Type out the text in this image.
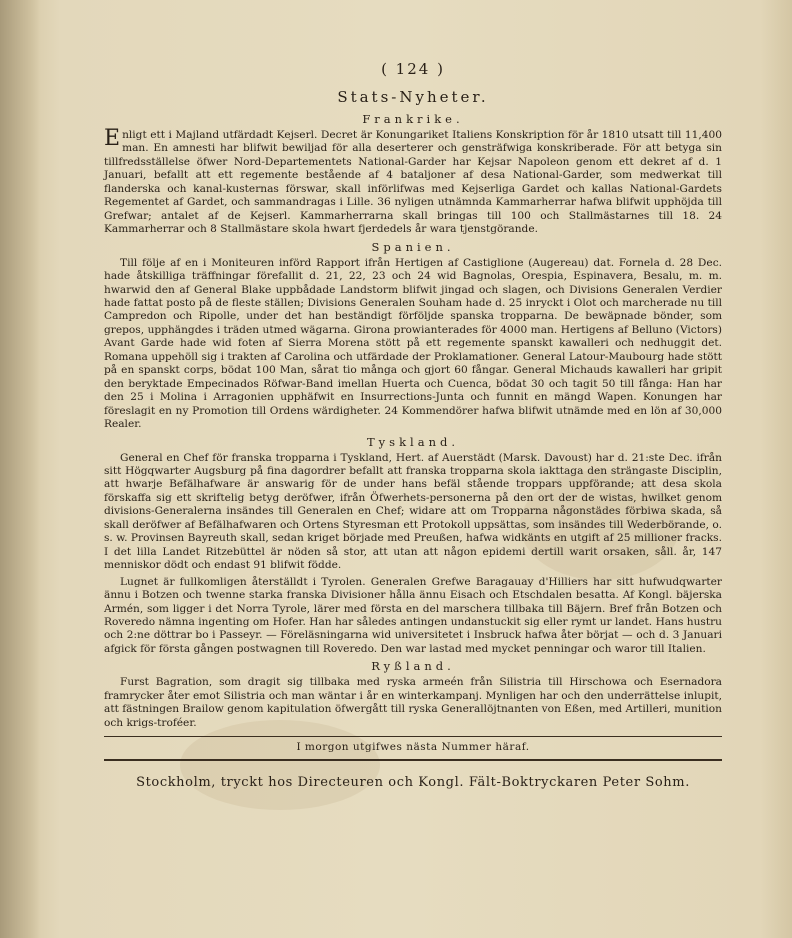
( 124 )
Stats-Nyheter.
Frankrike.

Enligt ett i Majland utfärdadt Kejserl. Decret är Konungariket Italiens Konskription för år 1810 utsatt till 11,400 man. En amnesti har blifwit bewiljad för alla deserterer och gensträfwiga konskriberade. För att betyga sin tillfredsställelse öfwer Nord-Departementets National-Garder har Kejsar Napoleon genom ett dekret af d. 1 Januari, befallt att ett regemente bestående af 4 bataljoner af desa National-Garder, som medwerkat till flanderska och kanal-kusternas förswar, skall införlifwas med Kejserliga Gardet och kallas National-Gardets Regementet af Gardet, och sammandragas i Lille. 36 nyligen utnämnda Kammarherrar hafwa blifwit upphöjda till Grefwar; antalet af de Kejserl. Kammarherrarna skall bringas till 100 och Stallmästarnes till 18. 24 Kammarherrar och 8 Stallmästare skola hwart fjerdedels år wara tjenstgörande.

Spanien.

Till följe af en i Moniteuren införd Rapport ifrån Hertigen af Castiglione (Augereau) dat. Fornela d. 28 Dec. hade åtskilliga träffningar förefallit d. 21, 22, 23 och 24 wid Bagnolas, Orespia, Espinavera, Besalu, m. m. hwarwid den af General Blake uppbådade Landstorm blifwit jingad och slagen, och Divisions Generalen Verdier hade fattat posto på de fleste ställen; Divisions Generalen Souham hade d. 25 inryckt i Olot och marcherade nu till Campredon och Ripolle, under det han beständigt förföljde spanska tropparna. De bewäpnade bönder, som grepos, upphängdes i träden utmed wägarna. Girona prowianterades för 4000 man. Hertigens af Belluno (Victors) Avant Garde hade wid foten af Sierra Morena stött på ett regemente spanskt kawalleri och nedhuggit det. Romana uppehöll sig i trakten af Carolina och utfärdade der Proklamationer. General Latour-Maubourg hade stött på en spanskt corps, bödat 100 Man, sårat tio många och gjort 60 fångar. General Michauds kawalleri har gripit den beryktade Empecinados Röfwar-Band imellan Huerta och Cuenca, bödat 30 och tagit 50 till fånga: Han har den 25 i Molina i Arragonien upphäfwit en Insurrections-Junta och funnit en mängd Wapen. Konungen har föreslagit en ny Promotion till Ordens wärdigheter. 24 Kommendörer hafwa blifwit utnämde med en lön af 30,000 Realer.

Tyskland.

General en Chef för franska tropparna i Tyskland, Hert. af Auerstädt (Marsk. Davoust) har d. 21:ste Dec. ifrån sitt Högqwarter Augsburg på fina dagordrer befallt att franska tropparna skola iakttaga den strängaste Disciplin, att hwarje Befälhafware är answarig för de under hans befäl stående troppars uppförande; att desa skola förskaffa sig ett skriftelig betyg deröfwer, ifrån Öfwerhets-personerna på den ort der de wistas, hwilket genom divisions-Generalerna insändes till Generalen en Chef; widare att om Tropparna någonstädes förbiwa skada, så skall deröfwer af Befälhafwaren och Ortens Styresman ett Protokoll uppsättas, som insändes till Wederbörande, o. s. w. Provinsen Bayreuth skall, sedan kriget började med Preußen, hafwa widkänts en utgift af 25 millioner fracks. I det lilla Landet Ritzebüttel är nöden så stor, att utan att någon epidemi dertill warit orsaken, såll. år, 147 menniskor dödt och endast 91 blifwit födde.

Lugnet är fullkomligen återställdt i Tyrolen. Generalen Grefwe Baragauay d'Hilliers har sitt hufwudqwarter ännu i Botzen och twenne starka franska Divisioner hålla ännu Eisach och Etschdalen besatta. Af Kongl. bäjerska Armén, som ligger i det Norra Tyrole, lärer med första en del marschera tillbaka till Bäjern. Bref från Botzen och Roveredo nämna ingenting om Hofer. Han har således antingen undanstuckit sig eller rymt ur landet. Hans hustru och 2:ne döttrar bo i Passeyr. — Föreläsningarna wid universitetet i Insbruck hafwa åter börjat — och d. 3 Januari afgick för första gången postwagnen till Roveredo. Den war lastad med mycket penningar och waror till Italien.

Ryßland.

Furst Bagration, som dragit sig tillbaka med ryska armeén från Silistria till Hirschowa och Esernadora framrycker åter emot Silistria och man wäntar i år en winterkampanj. Mynligen har och den underrättelse inlupit, att fästningen Brailow genom kapitulation öfwergått till ryska Generallöjtnanten von Eßen, med Artilleri, munition och krigs-troféer.

I morgon utgifwes nästa Nummer häraf.
Stockholm, tryckt hos Directeuren och Kongl. Fält-Boktryckaren Peter Sohm.
